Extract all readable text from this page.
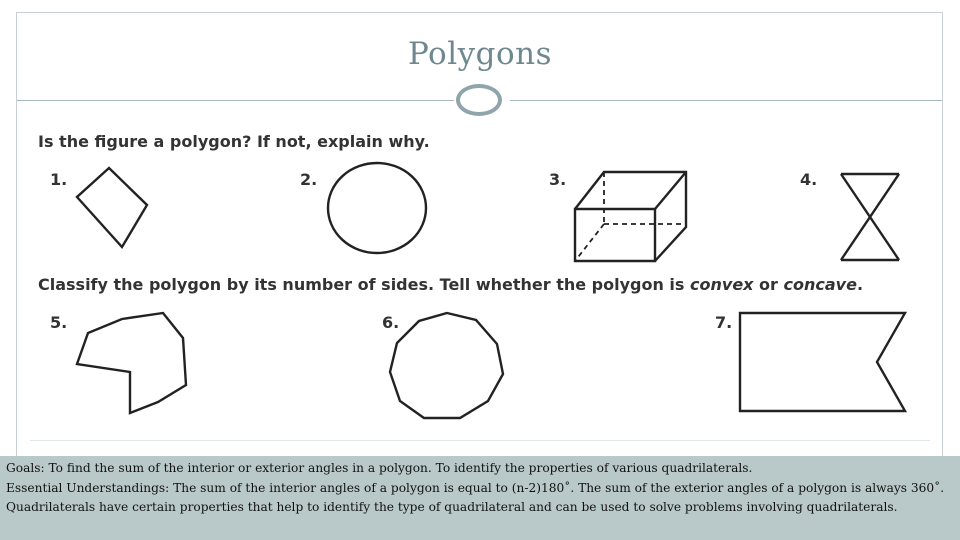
Polygons
Is the figure a polygon? If not, explain why.
1.	2.	3.	4.
Classify the polygon by its number of sides. Tell whether the polygon is convex or concave.
5.	6.	7.

Goals: To find the sum of the interior or exterior angles in a polygon. To identify the properties of various quadrilaterals.

Essential Understandings: The sum of the interior angles of a polygon is equal to (n-2)180˚. The sum of the exterior angles of a polygon is always 360˚. Quadrilaterals have certain properties that help to identify the type of quadrilateral and can be used to solve problems involving quadrilaterals.
